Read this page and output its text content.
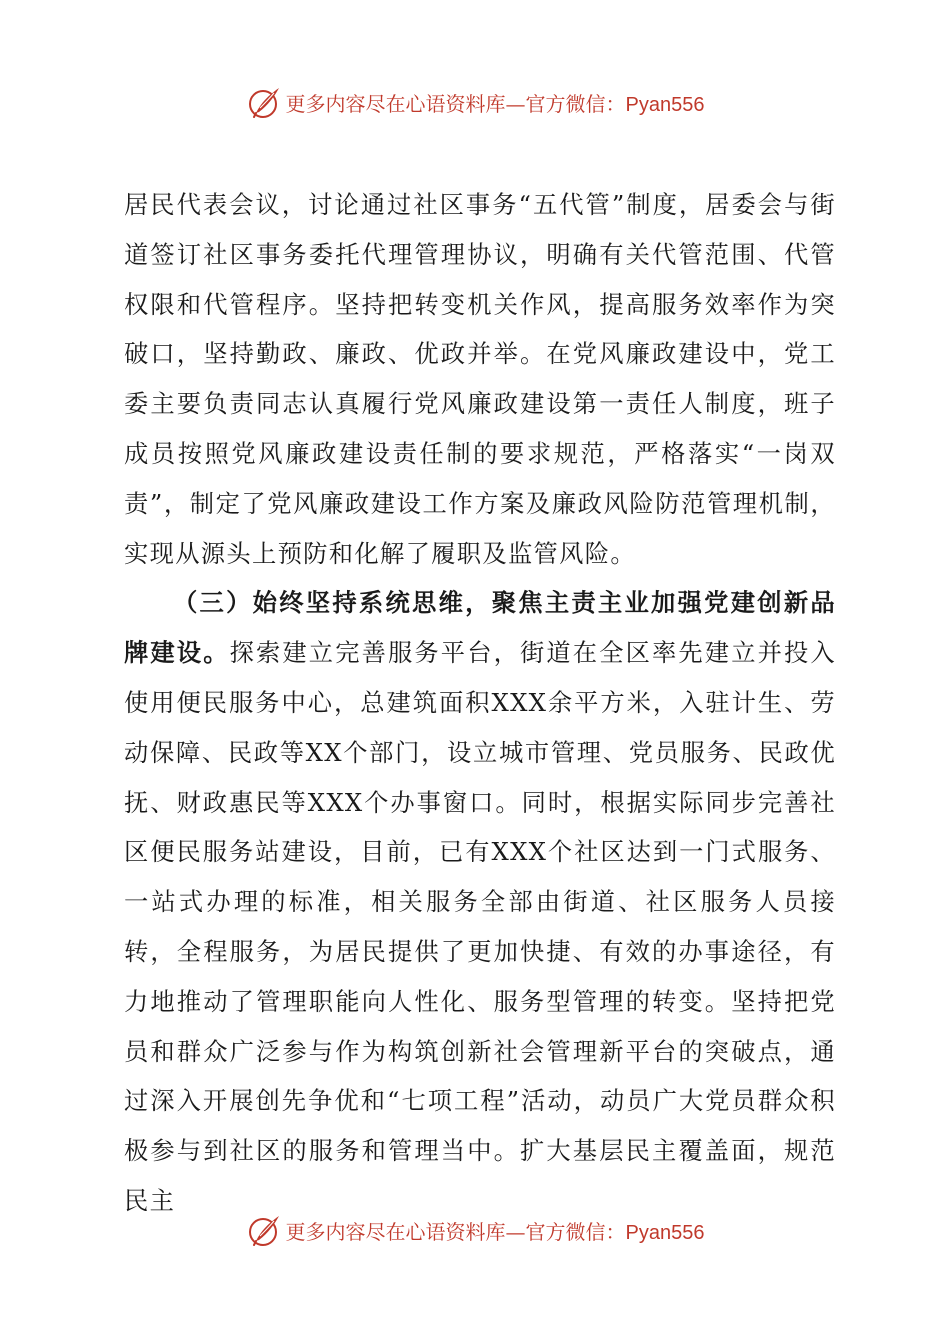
更多内容尽在心语资料库—官方微信：Pyan556

居民代表会议，讨论通过社区事务“五代管”制度，居委会与街道签订社区事务委托代理管理协议，明确有关代管范围、代管权限和代管程序。坚持把转变机关作风，提高服务效率作为突破口，坚持勤政、廉政、优政并举。在党风廉政建设中，党工委主要负责同志认真履行党风廉政建设第一责任人制度，班子成员按照党风廉政建设责任制的要求规范，严格落实“一岗双责”，制定了党风廉政建设工作方案及廉政风险防范管理机制，实现从源头上预防和化解了履职及监管风险。

（三）始终坚持系统思维，聚焦主责主业加强党建创新品牌建设。探索建立完善服务平台，街道在全区率先建立并投入使用便民服务中心，总建筑面积XXX余平方米，入驻计生、劳动保障、民政等XX个部门，设立城市管理、党员服务、民政优抚、财政惠民等XXX个办事窗口。同时，根据实际同步完善社区便民服务站建设，目前，已有XXX个社区达到一门式服务、一站式办理的标准，相关服务全部由街道、社区服务人员接转，全程服务，为居民提供了更加快捷、有效的办事途径，有力地推动了管理职能向人性化、服务型管理的转变。坚持把党员和群众广泛参与作为构筑创新社会管理新平台的突破点，通过深入开展创先争优和“七项工程”活动，动员广大党员群众积极参与到社区的服务和管理当中。扩大基层民主覆盖面，规范民主

更多内容尽在心语资料库—官方微信：Pyan556
